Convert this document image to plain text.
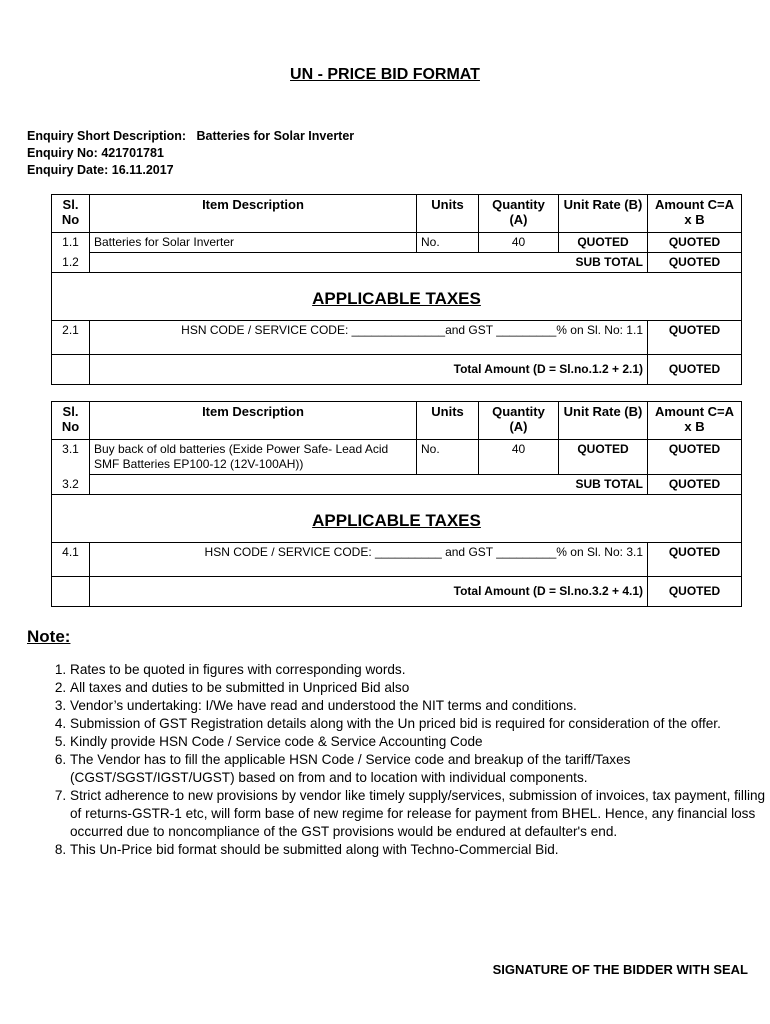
UN - PRICE BID FORMAT
Enquiry Short Description: Batteries for Solar Inverter
Enquiry No: 421701781
Enquiry Date: 16.11.2017
Sl. No	Item Description	Units	Quantity (A)	Unit Rate (B)	Amount C=A x B
1.1	Batteries for Solar Inverter	No.	40	QUOTED	QUOTED
1.2	SUB TOTAL				QUOTED
APPLICABLE TAXES					
2.1	HSN CODE / SERVICE CODE: ______________and GST _________% on Sl. No: 1.1				QUOTED
	Total Amount (D = Sl.no.1.2 + 2.1)				QUOTED
Sl. No	Item Description	Units	Quantity (A)	Unit Rate (B)	Amount C=A x B
3.1	Buy back of old batteries (Exide Power Safe- Lead Acid SMF Batteries EP100-12 (12V-100AH))	No.	40	QUOTED	QUOTED
3.2	SUB TOTAL				QUOTED
APPLICABLE TAXES					
4.1	HSN CODE / SERVICE CODE: __________ and GST _________% on Sl. No: 3.1				QUOTED
	Total Amount (D = Sl.no.3.2 + 4.1)				QUOTED
Note:
1. Rates to be quoted in figures with corresponding words.
2. All taxes and duties to be submitted in Unpriced Bid also
3. Vendor’s undertaking: I/We have read and understood the NIT terms and conditions.
4. Submission of GST Registration details along with the Un priced bid is required for consideration of the offer.
5. Kindly provide HSN Code / Service code & Service Accounting Code
6. The Vendor has to fill the applicable HSN Code / Service code and breakup of the tariff/Taxes (CGST/SGST/IGST/UGST) based on from and to location with individual components.
7. Strict adherence to new provisions by vendor like timely supply/services, submission of invoices, tax payment, filling of returns-GSTR-1 etc, will form base of new regime for release for payment from BHEL. Hence, any financial loss occurred due to noncompliance of the GST provisions would be endured at defaulter's end.
8. This Un-Price bid format should be submitted along with Techno-Commercial Bid.
SIGNATURE OF THE BIDDER WITH SEAL
